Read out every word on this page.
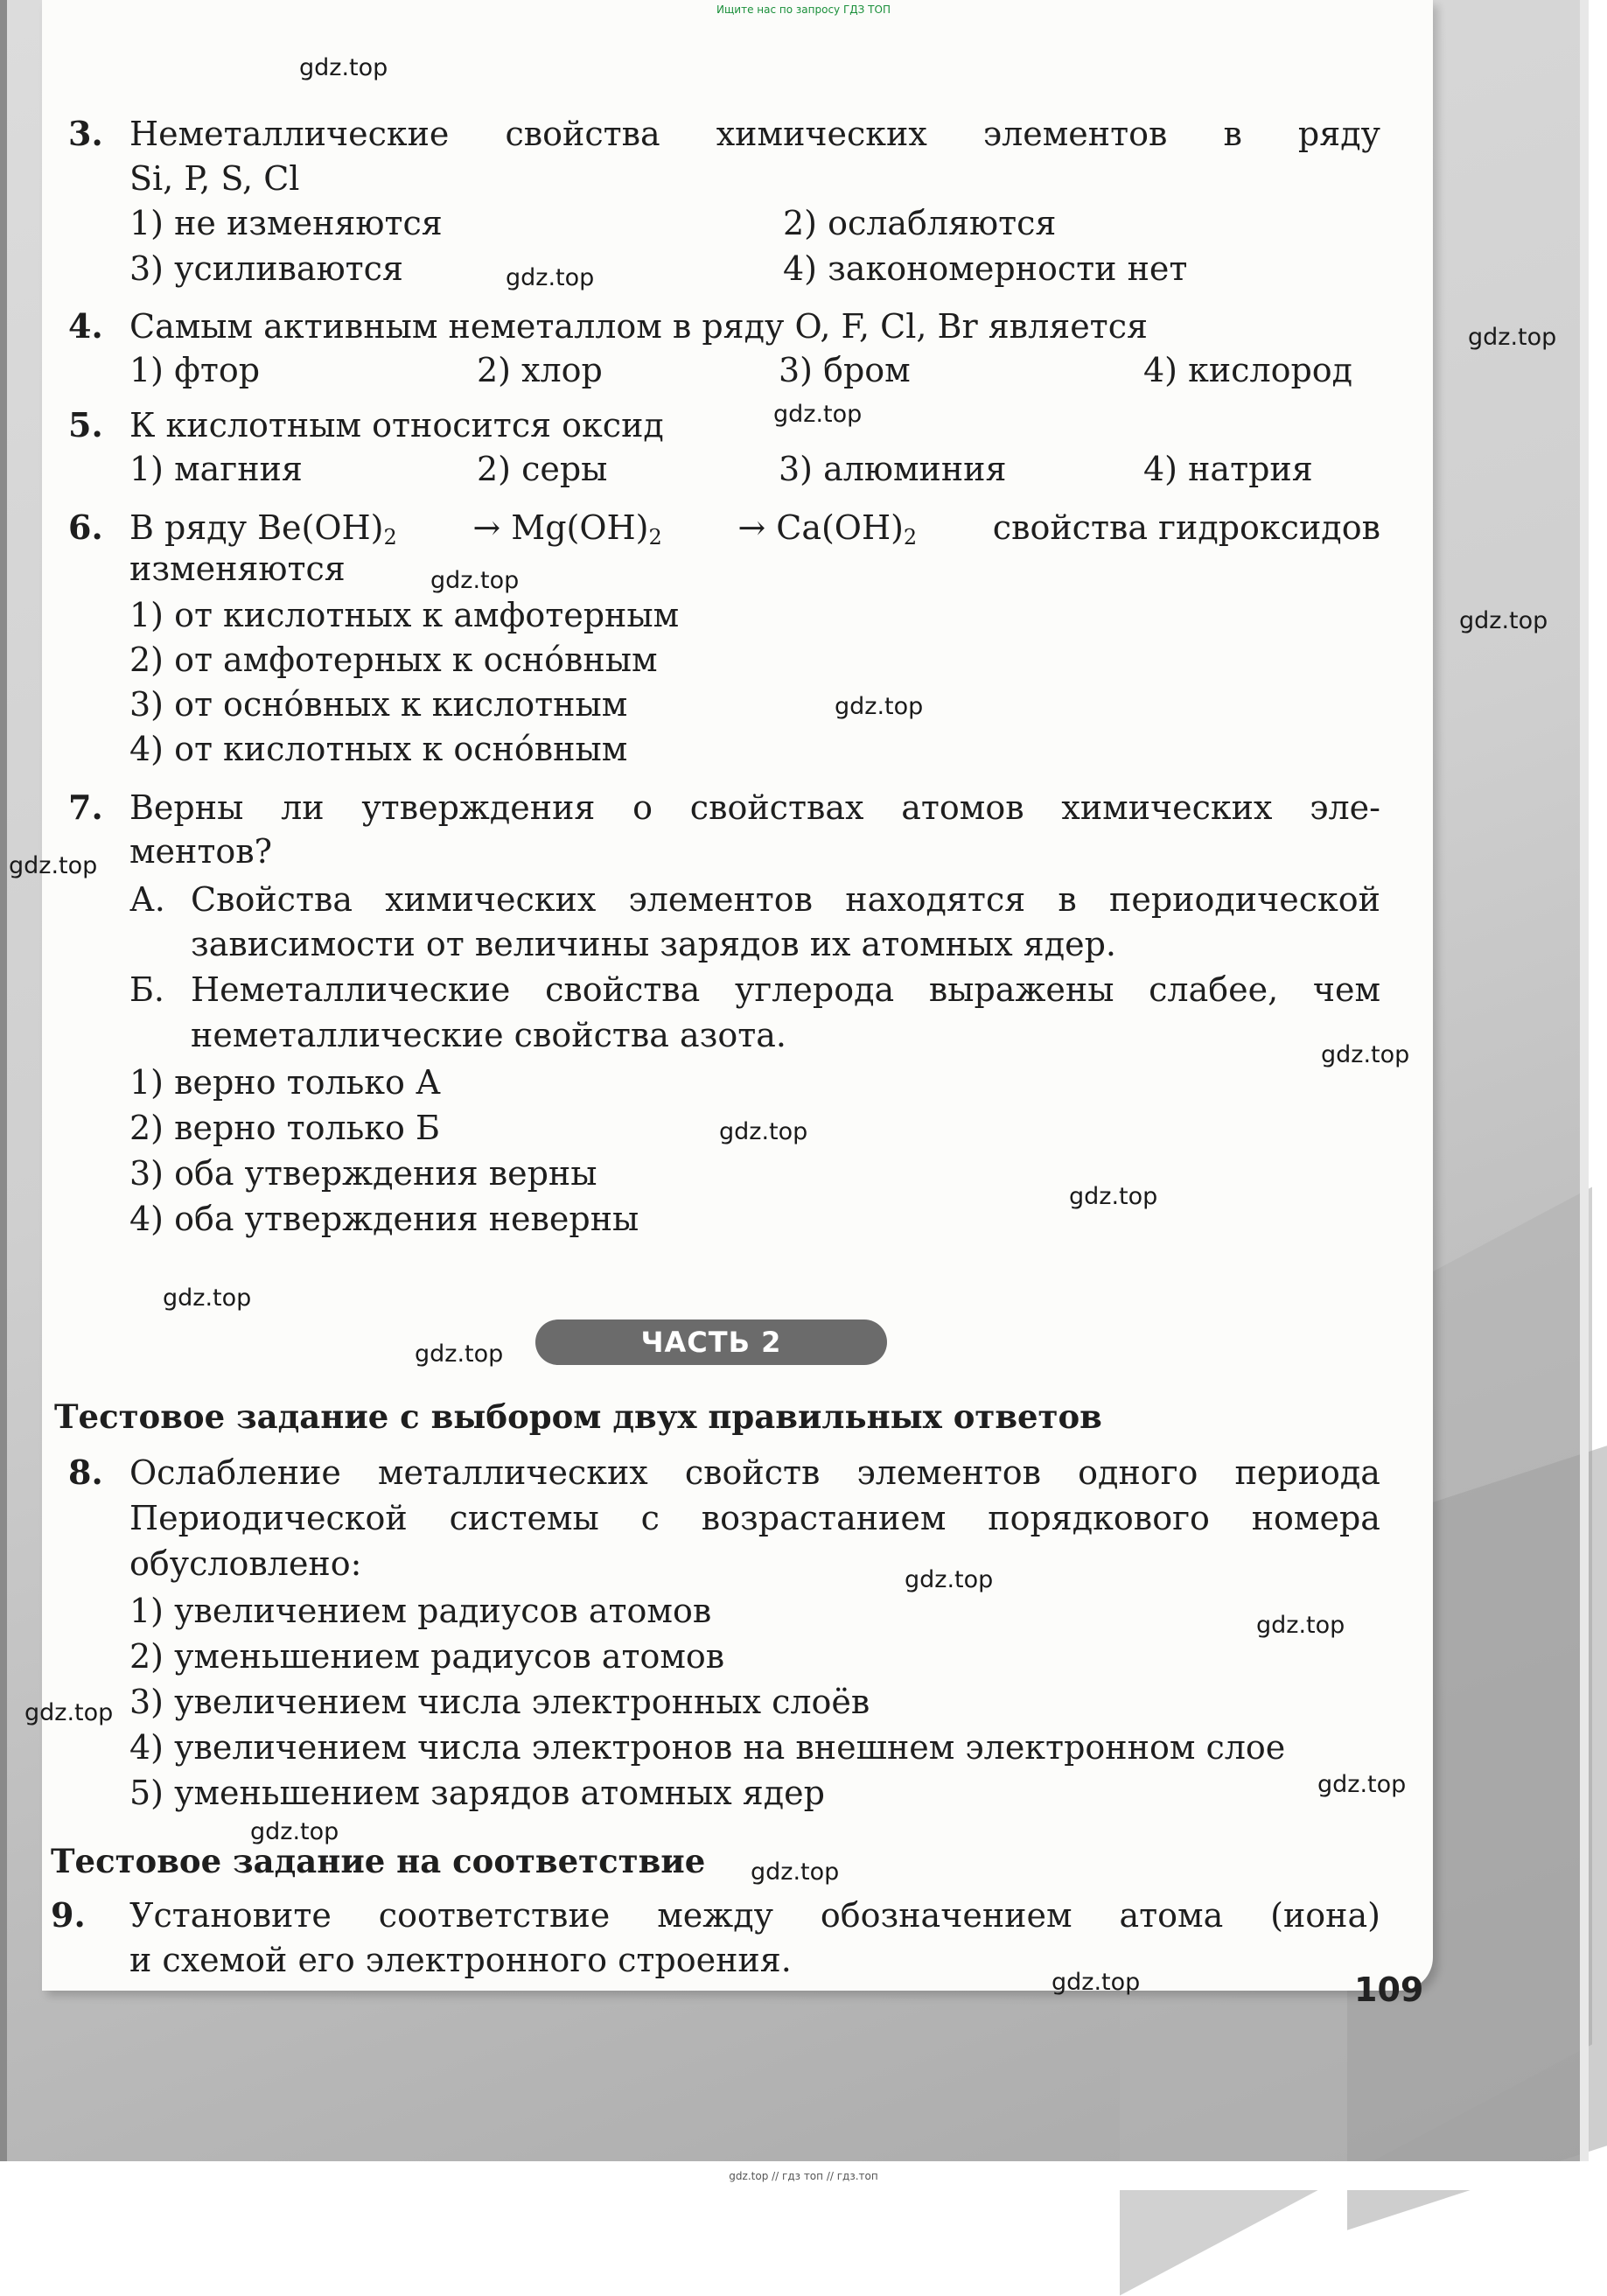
Ищите нас по запросу ГДЗ ТОП
3. Неметаллические свойства химических элементов в ряду
Si, P, S, Cl
1) не изменяются	2) ослабляются
3) усиливаются	4) закономерности нет
4. Самым активным неметаллом в ряду O, F, Cl, Br является
1) фтор	2) хлор	3) бром	4) кислород
5. К кислотным относится оксид
1) магния	2) серы	3) алюминия	4) натрия
6. В ряду $Be(OH)_2 \to Mg(OH)_2 \to Ca(OH)_2$ свойства гидроксидов
изменяются
1) от кислотных к амфотерным
2) от амфотерных к осно́вным
3) от осно́вных к кислотным
4) от кислотных к осно́вным
7. Верны ли утверждения о свойствах атомов химических эле-
ментов?
А. Свойства химических элементов находятся в периодической
зависимости от величины зарядов их атомных ядер.
Б. Неметаллические свойства углерода выражены слабее, чем
неметаллические свойства азота.
1) верно только А
2) верно только Б
3) оба утверждения верны
4) оба утверждения неверны
ЧАСТЬ 2
Тестовое задание с выбором двух правильных ответов
8. Ослабление металлических свойств элементов одного периода
Периодической системы с возрастанием порядкового номера
обусловлено:
1) увеличением радиусов атомов
2) уменьшением радиусов атомов
3) увеличением числа электронных слоёв
4) увеличением числа электронов на внешнем электронном слое
5) уменьшением зарядов атомных ядер
Тестовое задание на соответствие
9. Установите соответствие между обозначением атома (иона)
и схемой его электронного строения.
gdz.top
gdz.top
gdz.top
gdz.top
gdz.top
gdz.top
gdz.top
gdz.top
gdz.top
gdz.top
gdz.top
gdz.top
gdz.top
gdz.top
gdz.top
gdz.top
gdz.top
gdz.top
gdz.top
gdz.top	109
gdz.top // гдз топ // гдз.топ
